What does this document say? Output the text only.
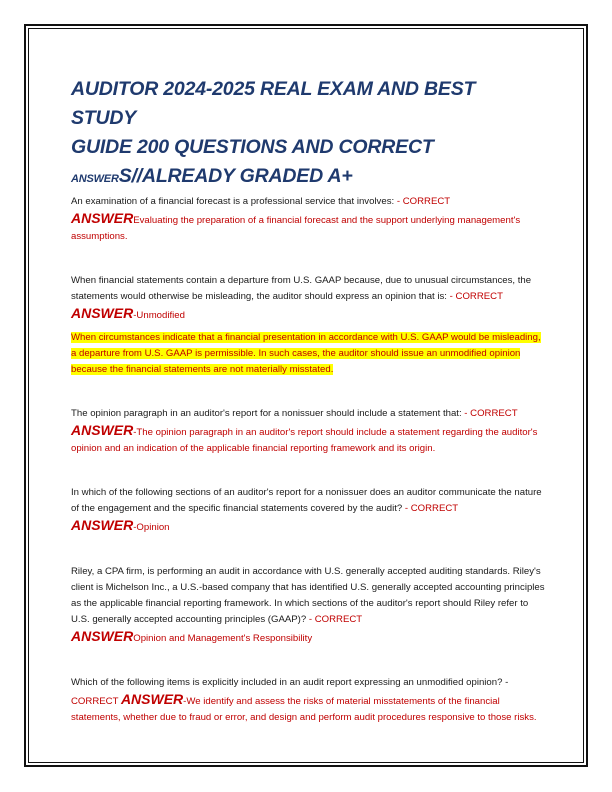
AUDITOR 2024-2025 REAL EXAM AND BEST STUDY
GUIDE 200 QUESTIONS AND CORRECT
ANSWERS//ALREADY GRADED A+
An examination of a financial forecast is a professional service that involves: - CORRECT
ANSWEREvaluating the preparation of a financial forecast and the support underlying management's assumptions.
When financial statements contain a departure from U.S. GAAP because, due to unusual circumstances, the statements would otherwise be misleading, the auditor should express an opinion that is: - CORRECT
ANSWER-Unmodified
When circumstances indicate that a financial presentation in accordance with U.S. GAAP would be misleading, a departure from U.S. GAAP is permissible. In such cases, the auditor should issue an unmodified opinion because the financial statements are not materially misstated.
The opinion paragraph in an auditor's report for a nonissuer should include a statement that: - CORRECT
ANSWER-The opinion paragraph in an auditor's report should include a statement regarding the auditor's opinion and an indication of the applicable financial reporting framework and its origin.
In which of the following sections of an auditor's report for a nonissuer does an auditor communicate the nature of the engagement and the specific financial statements covered by the audit? - CORRECT
ANSWER-Opinion
Riley, a CPA firm, is performing an audit in accordance with U.S. generally accepted auditing standards. Riley's client is Michelson Inc., a U.S.-based company that has identified U.S. generally accepted accounting principles as the applicable financial reporting framework. In which sections of the auditor's report should Riley refer to U.S. generally accepted accounting principles (GAAP)? - CORRECT
ANSWEROpinion and Management's Responsibility
Which of the following items is explicitly included in an audit report expressing an unmodified opinion? -
CORRECT ANSWER-We identify and assess the risks of material misstatements of the financial statements, whether due to fraud or error, and design and perform audit procedures responsive to those risks.
